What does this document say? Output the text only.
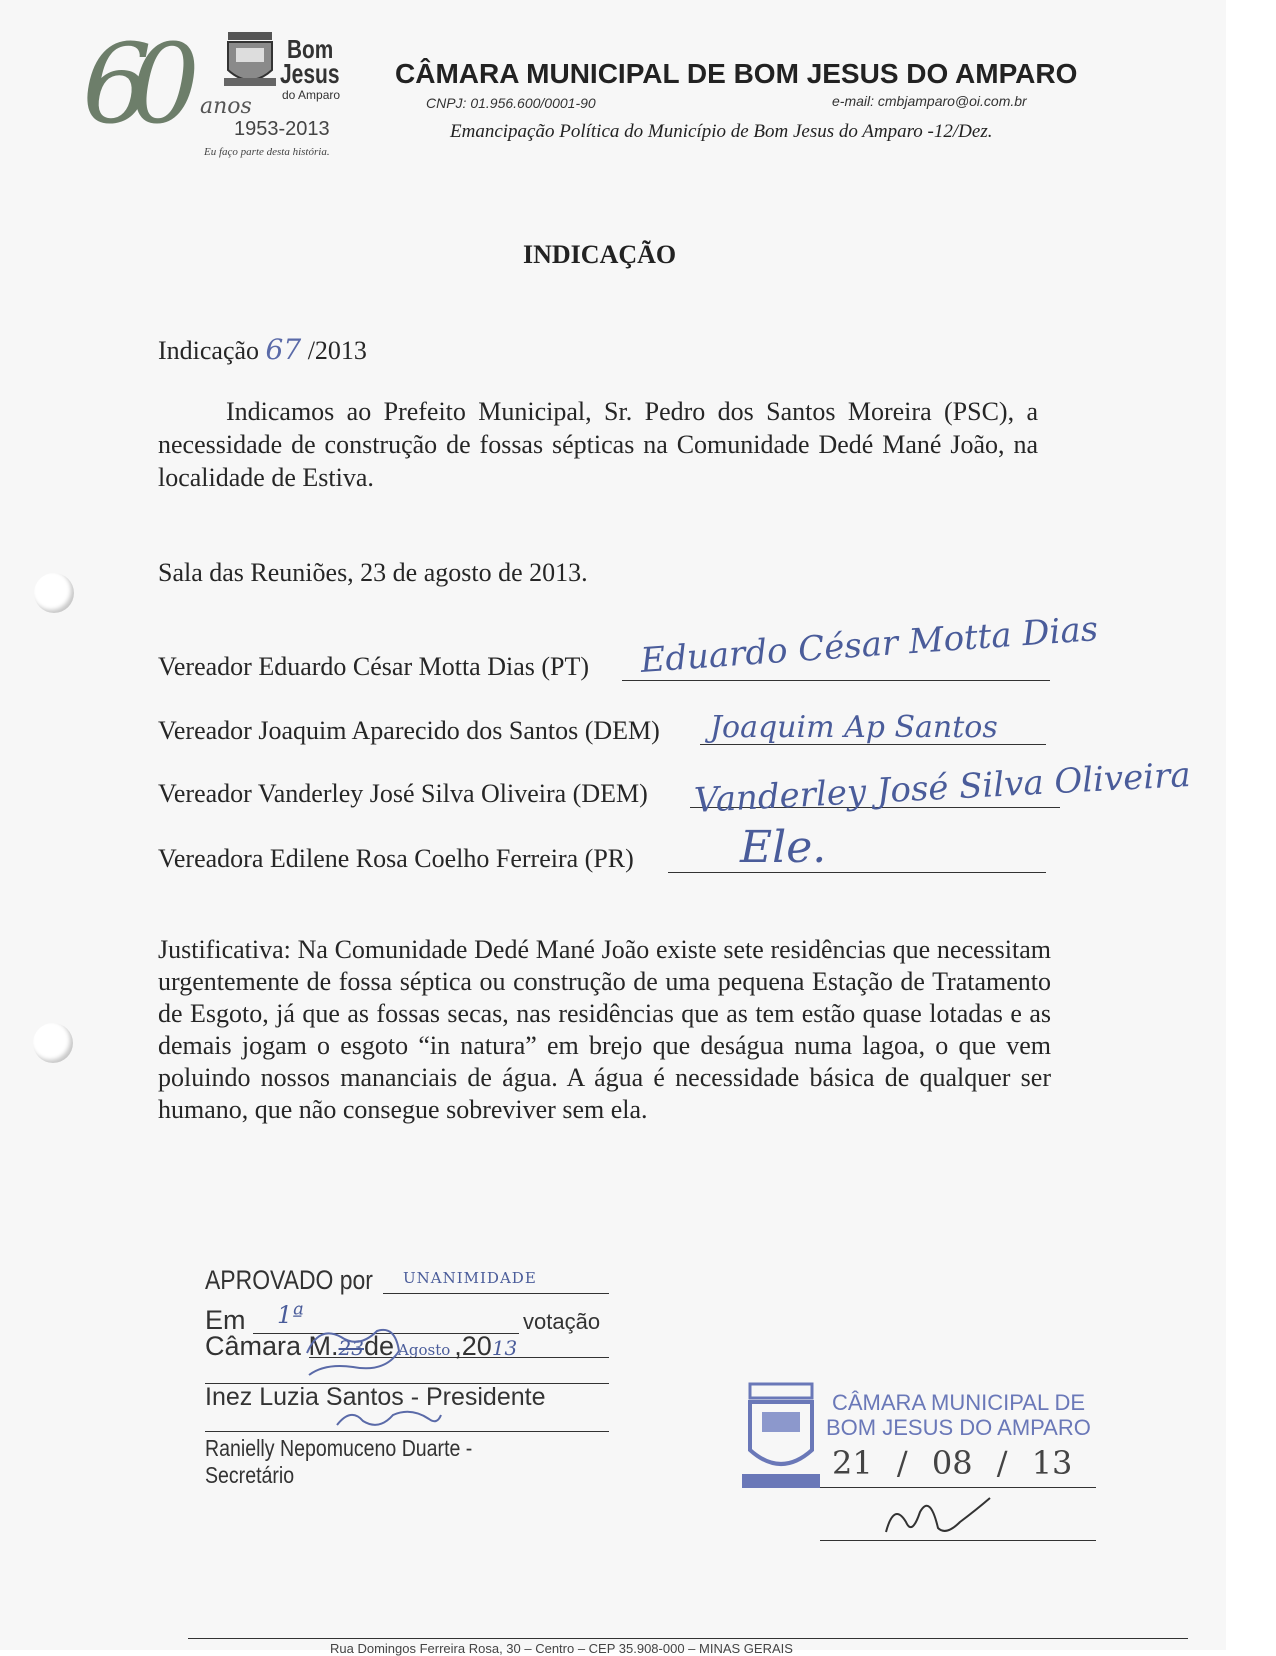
60	Bom
Jesus
do Amparo
anos
1953-2013
Eu faço parte desta história.
CÂMARA MUNICIPAL DE BOM JESUS DO AMPARO
CNPJ: 01.956.600/0001-90	e-mail: cmbjamparo@oi.com.br
Emancipação Política do Município de Bom Jesus do Amparo -12/Dez.
INDICAÇÃO
Indicação 67 /2013
Indicamos ao Prefeito Municipal, Sr. Pedro dos Santos Moreira (PSC), a necessidade de construção de fossas sépticas na Comunidade Dedé Mané João, na localidade de Estiva.
Sala das Reuniões, 23 de agosto de 2013.
Vereador Eduardo César Motta Dias (PT) Eduardo César Motta Dias
Vereador Joaquim Aparecido dos Santos (DEM) Joaquim Ap Santos
Vereador Vanderley José Silva Oliveira (DEM) Vanderley José Silva Oliveira
Vereadora Edilene Rosa Coelho Ferreira (PR) Ele.
Justificativa: Na Comunidade Dedé Mané João existe sete residências que necessitam urgentemente de fossa séptica ou construção de uma pequena Estação de Tratamento de Esgoto, já que as fossas secas, nas residências que as tem estão quase lotadas e as demais jogam o esgoto “in natura” em brejo que deságua numa lagoa, o que vem poluindo nossos mananciais de água. A água é necessidade básica de qualquer ser humano, que não consegue sobreviver sem ela.
APROVADO por UNANIMIDADE
Em 1ª	votação
Câmara M.23de Agosto ,2013
Inez Luzia Santos - Presidente
Ranielly Nepomuceno Duarte - Secretário
CÂMARA MUNICIPAL DE
BOM JESUS DO AMPARO
21 / 08 / 13
Rua Domingos Ferreira Rosa, 30 – Centro – CEP 35.908-000 – MINAS GERAIS
